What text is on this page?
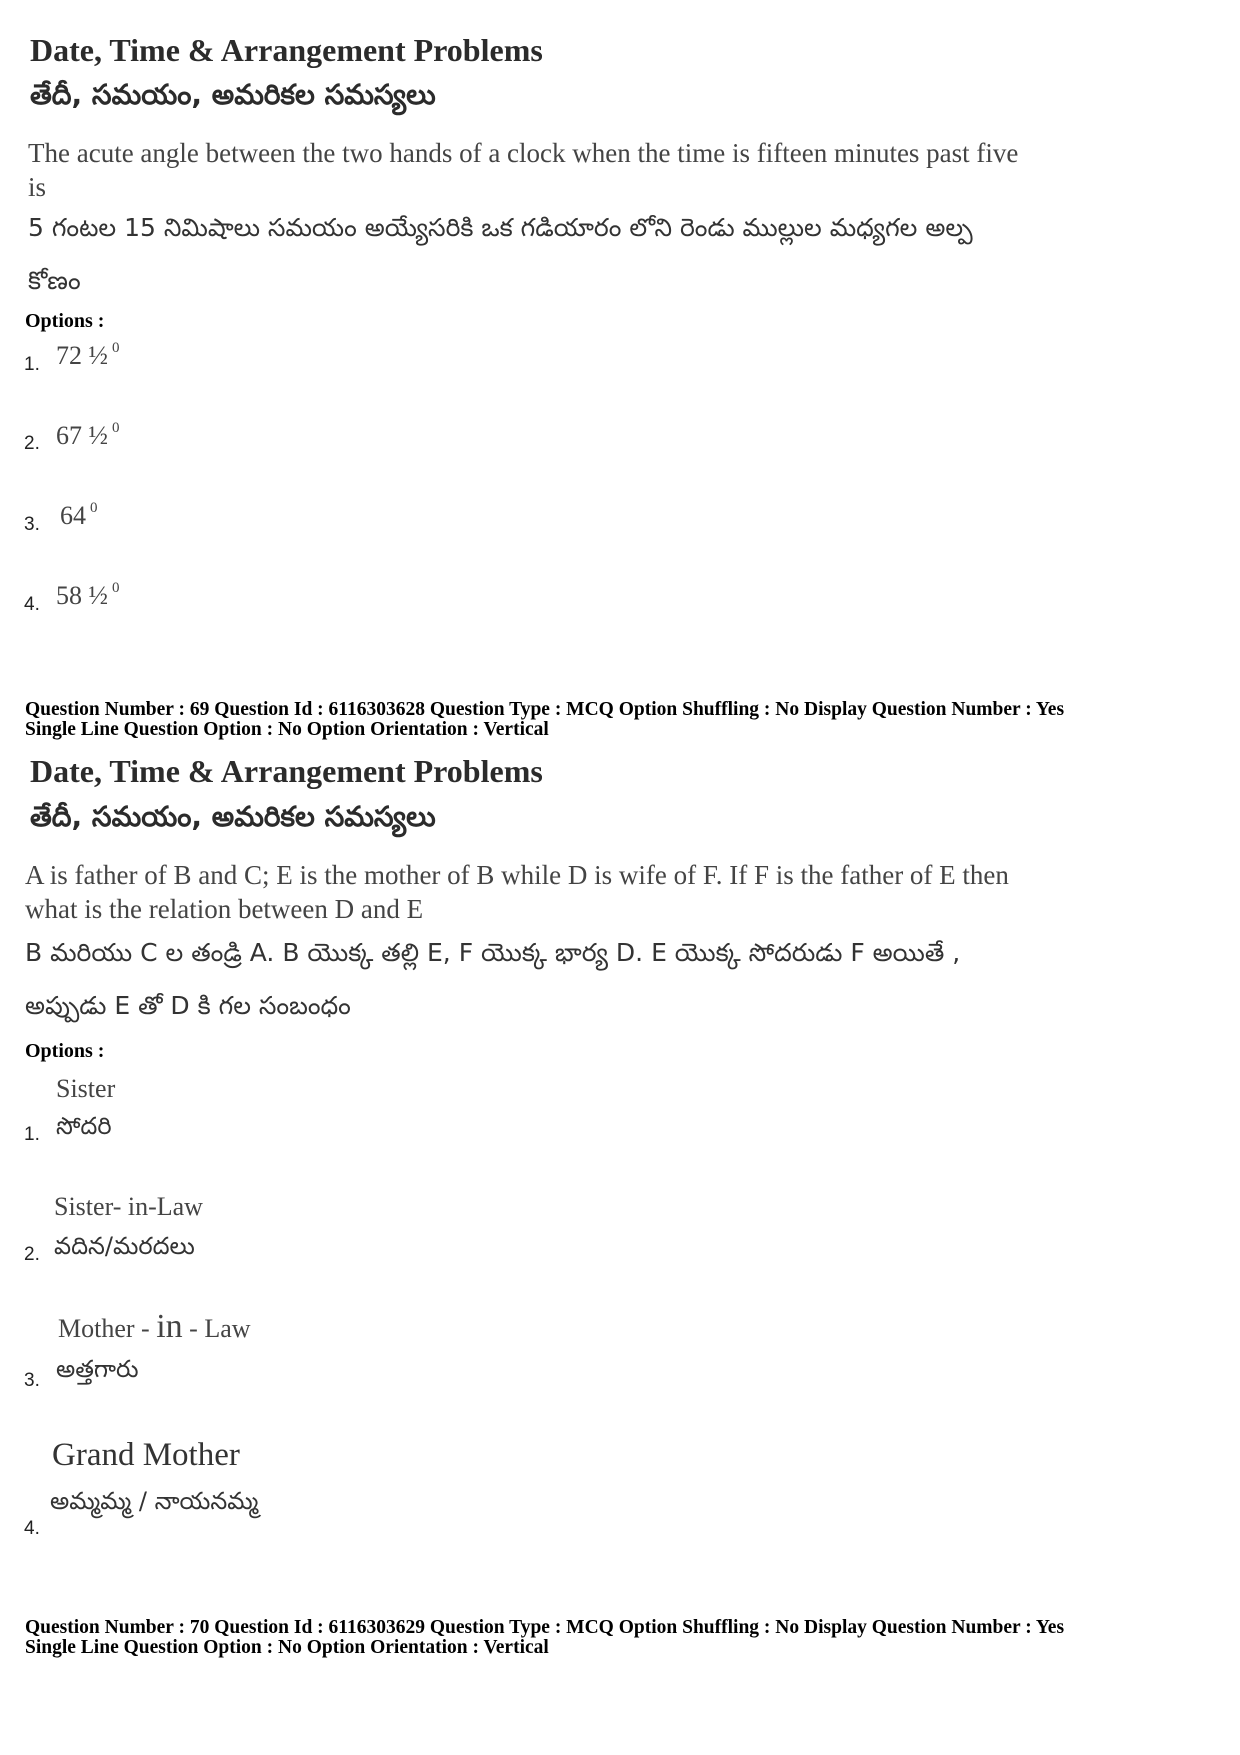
Date, Time & Arrangement Problems
తేదీ, సమయం, అమరికల సమస్యలు
The acute angle between the two hands of a clock when the time is fifteen minutes past five
is
5 గంటల 15 నిమిషాలు సమయం అయ్యేసరికి ఒక గడియారం లోని రెండు ముల్లుల మధ్యగల అల్ప
కోణం
Options :
1. 72 ½ $^0$
2. 67 ½ $^0$
3. 64 $^0$
4. 58 ½ $^0$
Question Number : 69 Question Id : 6116303628 Question Type : MCQ Option Shuffling : No Display Question Number : Yes
Single Line Question Option : No Option Orientation : Vertical
Date, Time & Arrangement Problems
తేదీ, సమయం, అమరికల సమస్యలు
A is father of B and C; E is the mother of B while D is wife of F. If F is the father of E then
what is the relation between D and E
B మరియు C ల తండ్రి A. B యొక్క తల్లి E, F యొక్క భార్య D. E యొక్క సోదరుడు F అయితే ,
అప్పుడు E తో D కి గల సంబంధం
Options :
Sister
1. సోదరి
Sister- in-Law
2. వదిన/మరదలు
Mother - in - Law
3. అత్తగారు
Grand Mother
4.
అమ్మమ్మ / నాయనమ్మ
Question Number : 70 Question Id : 6116303629 Question Type : MCQ Option Shuffling : No Display Question Number : Yes
Single Line Question Option : No Option Orientation : Vertical
